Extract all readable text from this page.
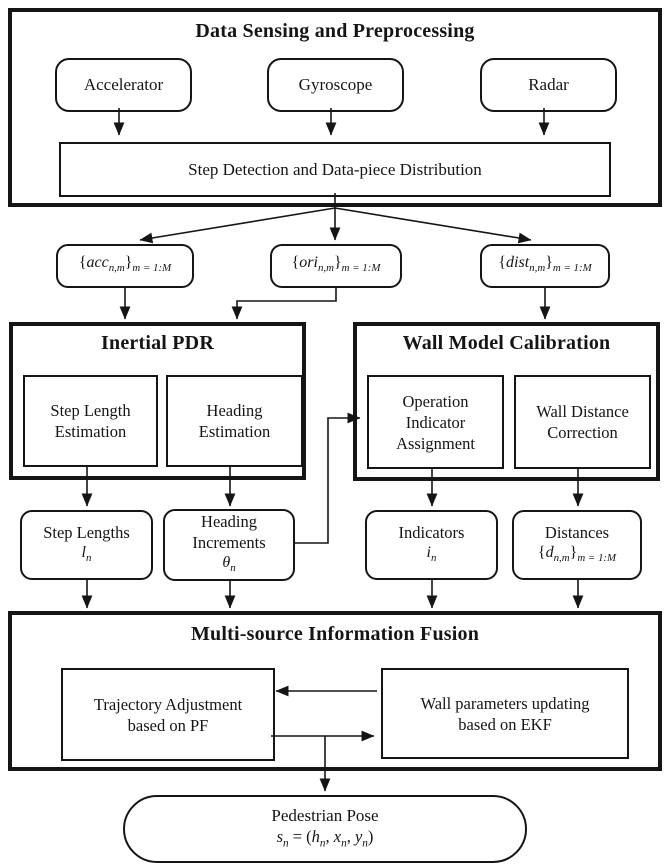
Data Sensing and Preprocessing
Accelerator	Gyroscope	Radar
Step Detection and Data-piece Distribution
$\{acc_{n,m}\}_{m = 1:M}$	$\{ori_{n,m}\}_{m = 1:M}$	$\{dist_{n,m}\}_{m = 1:M}$
Inertial PDR
Step Length Estimation
Heading Estimation
Wall Model Calibration
Operation Indicator Assignment
Wall Distance Correction
Step Lengths
$l_n$
Heading Increments
$\theta_n$
Indicators
$i_n$
Distances
$\{d_{n,m}\}_{m = 1:M}$
Multi-source Information Fusion
Trajectory Adjustment based on PF
Wall parameters updating based on EKF
Pedestrian Pose
$s_n = (h_n$, $x_n$, $y_n$)
